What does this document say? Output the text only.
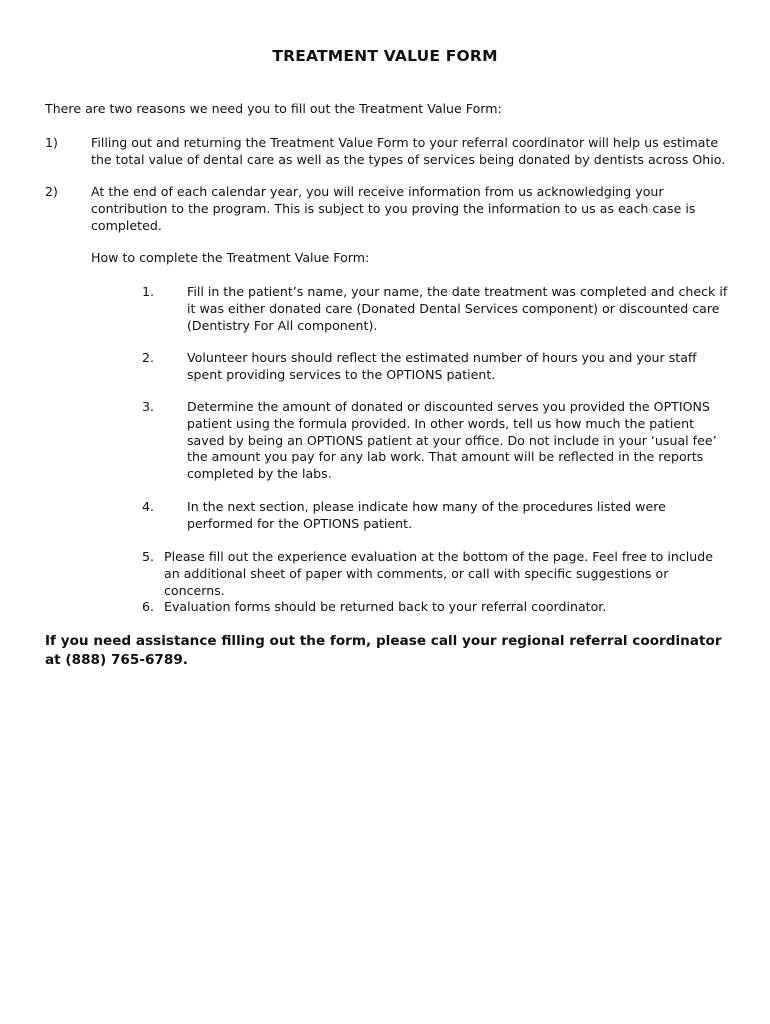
TREATMENT VALUE FORM
There are two reasons we need you to fill out the Treatment Value Form:
1)	Filling out and returning the Treatment Value Form to your referral coordinator will help us estimate the total value of dental care as well as the types of services being donated by dentists across Ohio.
2)	At the end of each calendar year, you will receive information from us acknowledging your contribution to the program. This is subject to you proving the information to us as each case is completed.
How to complete the Treatment Value Form:
1.	Fill in the patient’s name, your name, the date treatment was completed and check if it was either donated care (Donated Dental Services component) or discounted care (Dentistry For All component).
2.	Volunteer hours should reflect the estimated number of hours you and your staff spent providing services to the OPTIONS patient.
3.	Determine the amount of donated or discounted serves you provided the OPTIONS patient using the formula provided. In other words, tell us how much the patient saved by being an OPTIONS patient at your office. Do not include in your ‘usual fee’ the amount you pay for any lab work. That amount will be reflected in the reports completed by the labs.
4.	In the next section, please indicate how many of the procedures listed were performed for the OPTIONS patient.
5. Please fill out the experience evaluation at the bottom of the page. Feel free to include an additional sheet of paper with comments, or call with specific suggestions or concerns.
6. Evaluation forms should be returned back to your referral coordinator.
If you need assistance filling out the form, please call your regional referral coordinator at (888) 765-6789.
